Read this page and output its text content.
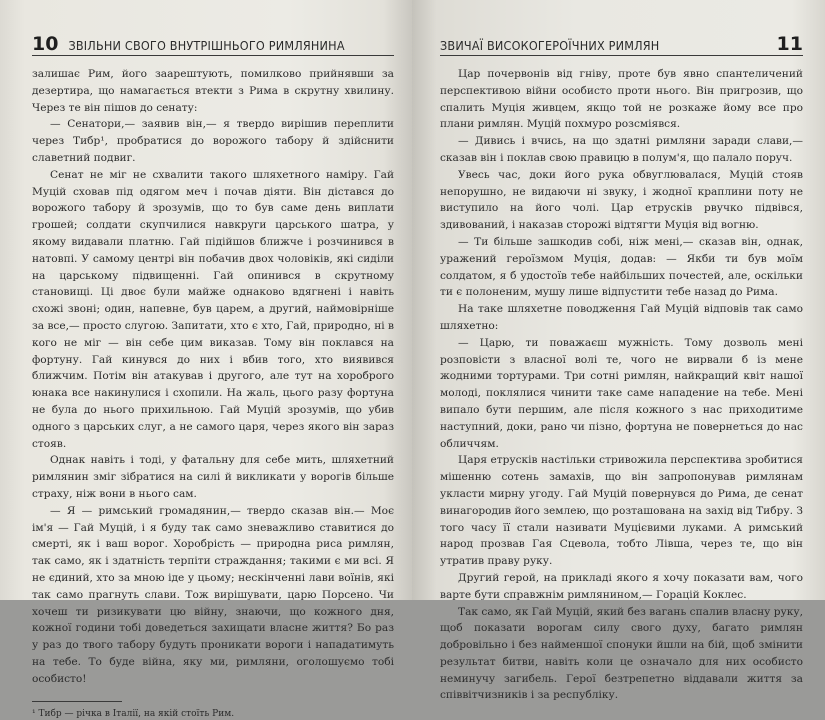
10 ЗВІЛЬНИ СВОГО ВНУТРІШНЬОГО РИМЛЯНИНА

залишає Рим, його заарештують, помилково прийнявши за дезертира, що намагається втекти з Рима в скрутну хвилину. Через те він пішов до сенату:

— Сенатори,— заявив він,— я твердо вирішив переплити через Тибр¹, пробратися до ворожого табору й здійснити славетний подвиг.

Сенат не міг не схвалити такого шляхетного наміру. Гай Муцій сховав під одягом меч і почав діяти. Він дістався до ворожого табору й зрозумів, що то був саме день виплати грошей; солдати скупчилися навкруги царського шатра, у якому видавали платню. Гай підійшов ближче і розчинився в натовпі. У самому центрі він побачив двох чоловіків, які сиділи на царському підвищенні. Гай опинився в скрутному становищі. Ці двоє були майже однаково вдягнені і навіть схожі звоні; один, напевне, був царем, а другий, наймовірніше за все,— просто слугою. Запитати, хто є хто, Гай, природно, ні в кого не міг — він себе цим виказав. Тому він поклався на фортуну. Гай кинувся до них і вбив того, хто виявився ближчим. Потім він атакував і другого, але тут на хороброго юнака все накинулися і схопили. На жаль, цього разу фортуна не була до нього прихильною. Гай Муцій зрозумів, що убив одного з царських слуг, а не самого царя, через якого він зараз стояв.

Однак навіть і тоді, у фатальну для себе мить, шляхетний римлянин зміг зібратися на силі й викликати у ворогів більше страху, ніж вони в нього сам.

— Я — римський громадянин,— твердо сказав він.— Моє ім'я — Гай Муцій, і я буду так само зневажливо ставитися до смерті, як і ваш ворог. Хоробрість — природна риса римлян, так само, як і здатність терпіти страждання; такими є ми всі. Я не єдиний, хто за мною іде у цьому; нескінченні лави воїнів, які так само прагнуть слави. Тож вирішувати, царю Порсено. Чи хочеш ти ризикувати цю війну, знаючи, що кожного дня, кожної години тобі доведеться захищати власне життя? Бо раз у раз до твого табору будуть проникати вороги і нападатимуть на тебе. То буде війна, яку ми, римляни, оголошуємо тобі особисто!

¹ Тибр — річка в Італії, на якій стоїть Рим.
ЗВИЧАЇ ВИСОКОГЕРОЇЧНИХ РИМЛЯН	11

Цар почервонів від гніву, проте був явно спантеличений перспективою війни особисто проти нього. Він пригрозив, що спалить Муція живцем, якщо той не розкаже йому все про плани римлян. Муцій похмуро розсміявся.

— Дивись і вчись, на що здатні римляни заради слави,— сказав він і поклав свою правицю в полум'я, що палало поруч.

Увесь час, доки його рука обвуглювалася, Муцій стояв непорушно, не видаючи ні звуку, і жодної краплини поту не виступило на його чолі. Цар етрусків рвучко підвівся, здивований, і наказав сторожі відтягти Муція від вогню.

— Ти більше зашкодив собі, ніж мені,— сказав він, однак, уражений героїзмом Муція, додав: — Якби ти був моїм солдатом, я б удостоїв тебе найбільших почестей, але, оскільки ти є полоненим, мушу лише відпустити тебе назад до Рима.

На таке шляхетне поводження Гай Муцій відповів так само шляхетно:

— Царю, ти поважаєш мужність. Тому дозволь мені розповісти з власної волі те, чого не вирвали б із мене жодними тортурами. Три сотні римлян, найкращий квіт нашої молоді, поклялися чинити таке саме нападение на тебе. Мені випало бути першим, але після кожного з нас приходитиме наступний, доки, рано чи пізно, фортуна не повернеться до нас обличчям.

Царя етрусків настільки стривожила перспектива зробитися мішенню сотень замахів, що він запропонував римлянам укласти мирну угоду. Гай Муцій повернувся до Рима, де сенат винагородив його землею, що розташована на захід від Тибру. З того часу її стали називати Муцієвими луками. А римський народ прозвав Гая Сцевола, тобто Лівша, через те, що він утратив праву руку.

Другий герой, на прикладі якого я хочу показати вам, чого варте бути справжнім римлянином,— Горацій Коклес.

Так само, як Гай Муцій, який без вагань спалив власну руку, щоб показати ворогам силу свого духу, багато римлян добровільно і без найменшої спонуки йшли на бій, щоб змінити результат битви, навіть коли це означало для них особисто неминучу загибель. Герої безтрепетно віддавали життя за співвітчизників і за республіку.
